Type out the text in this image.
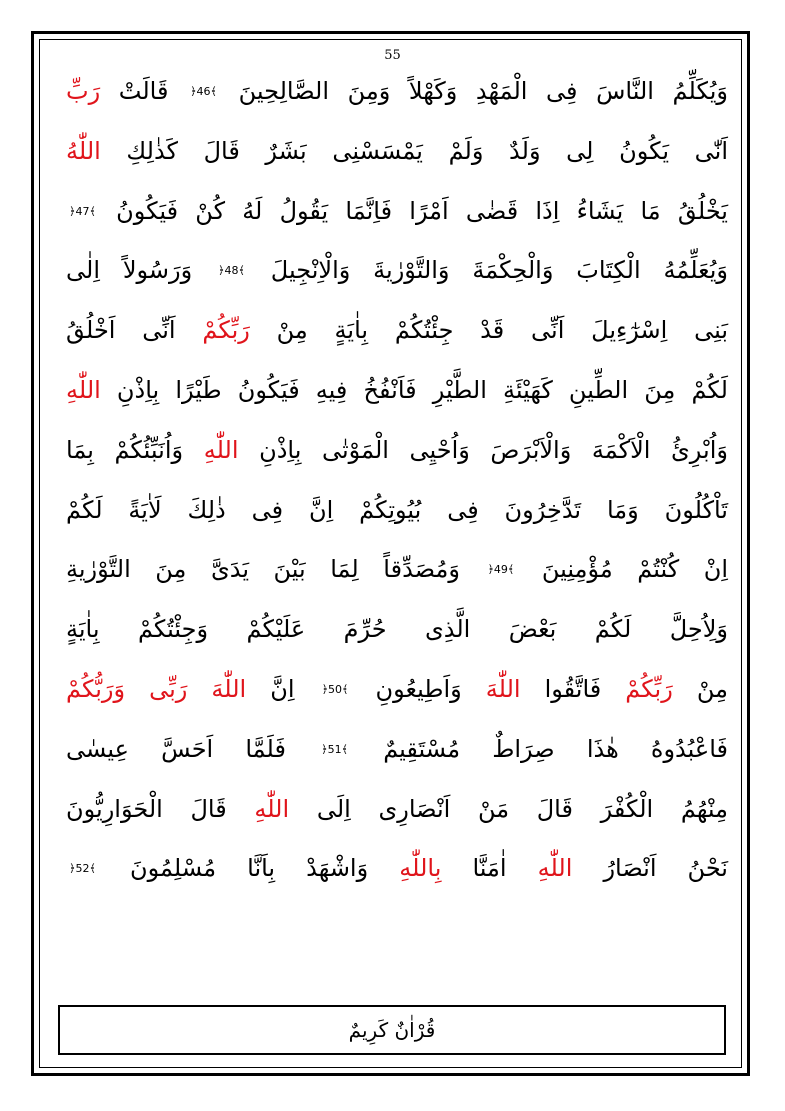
55
وَيُكَلِّمُ النَّاسَ فِى الْمَهْدِ وَكَهْلاً وَمِنَ الصَّالِحِينَ ﴿ 46 ﴾ قَالَتْ رَبِّ
اَنّٰى يَكُونُ لِى وَلَدٌ وَلَمْ يَمْسَسْنِى بَشَرٌ قَالَ كَذٰلِكِ اللّٰهُ
يَخْلُقُ مَا يَشَاءُ اِذَا قَضٰى اَمْرًا فَاِنَّمَا يَقُولُ لَهُ كُنْ فَيَكُونُ ﴿ 47 ﴾
وَيُعَلِّمُهُ الْكِتَابَ وَالْحِكْمَةَ وَالتَّوْرٰيةَ وَالْاِنْجِيلَ ﴿ 48 ﴾ وَرَسُولاً اِلٰى
بَنِى اِسْرٰٓءِيلَ اَنِّى قَدْ جِئْتُكُمْ بِاٰيَةٍ مِنْ رَبِّكُمْ اَنِّى اَخْلُقُ
لَكُمْ مِنَ الطِّينِ كَهَيْئَةِ الطَّيْرِ فَاَنْفُخُ فِيهِ فَيَكُونُ طَيْرًا بِاِذْنِ اللّٰهِ
وَاُبْرِئُ الْاَكْمَهَ وَالْاَبْرَصَ وَاُحْيِى الْمَوْتٰى بِاِذْنِ اللّٰهِ وَاُنَبِّئُكُمْ بِمَا
تَاْكُلُونَ وَمَا تَدَّخِرُونَ فِى بُيُوتِكُمْ اِنَّ فِى ذٰلِكَ لَاٰيَةً لَكُمْ
اِنْ كُنْتُمْ مُؤْمِنِينَ ﴿ 49 ﴾ وَمُصَدِّقاً لِمَا بَيْنَ يَدَىَّ مِنَ التَّوْرٰيةِ
وَلِاُحِلَّ لَكُمْ بَعْضَ الَّذِى حُرِّمَ عَلَيْكُمْ وَجِئْتُكُمْ بِاٰيَةٍ
مِنْ رَبِّكُمْ فَاتَّقُوا اللّٰهَ وَاَطِيعُونِ ﴿ 50 ﴾ اِنَّ اللّٰهَ رَبِّى وَرَبُّكُمْ
فَاعْبُدُوهُ هٰذَا صِرَاطٌ مُسْتَقِيمٌ ﴿ 51 ﴾ فَلَمَّا اَحَسَّ عِيسٰى
مِنْهُمُ الْكُفْرَ قَالَ مَنْ اَنْصَارِى اِلَى اللّٰهِ قَالَ الْحَوَارِيُّونَ
نَحْنُ اَنْصَارُ اللّٰهِ اٰمَنَّا بِاللّٰهِ وَاشْهَدْ بِاَنَّا مُسْلِمُونَ ﴿ 52 ﴾
قُرْاٰنٌ كَرِيمٌ
